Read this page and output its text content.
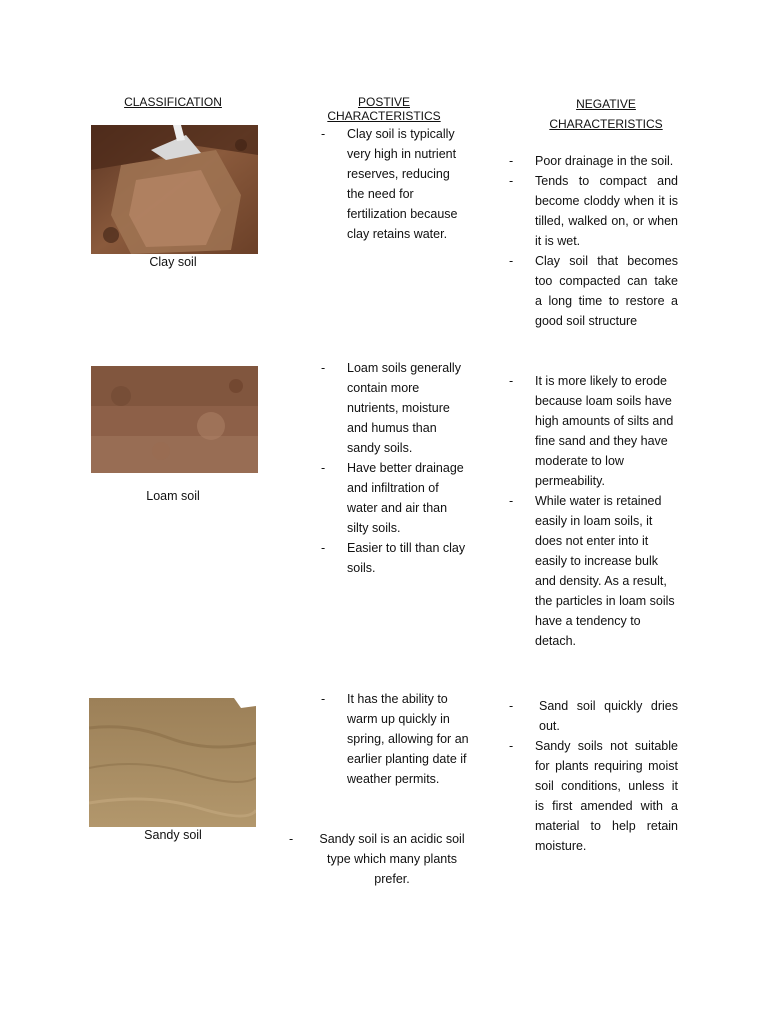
CLASSIFICATION	POSTIVE CHARACTERISTICS
NEGATIVE
CHARACTERISTICS
Clay soil
- Clay soil is typically very high in nutrient reserves, reducing the need for fertilization because clay retains water.
- Poor drainage in the soil.
- Tends to compact and become cloddy when it is tilled, walked on, or when it is wet.
- Clay soil that becomes too compacted can take a long time to restore a good soil structure
Loam soil
- Loam soils generally contain more nutrients, moisture and humus than sandy soils.
- Have better drainage and infiltration of water and air than silty soils.
- Easier to till than clay soils.
- It is more likely to erode because loam soils have high amounts of silts and fine sand and they have moderate to low permeability.
- While water is retained easily in loam soils, it does not enter into it easily to increase bulk and density. As a result, the particles in loam soils have a tendency to detach.
Sandy soil
- It has the ability to warm up quickly in spring, allowing for an earlier planting date if weather permits.
- Sandy soil is an acidic soil type which many plants prefer.
- Sand soil quickly dries out.
- Sandy soils not suitable for plants requiring moist soil conditions, unless it is first amended with a material to help retain moisture.
